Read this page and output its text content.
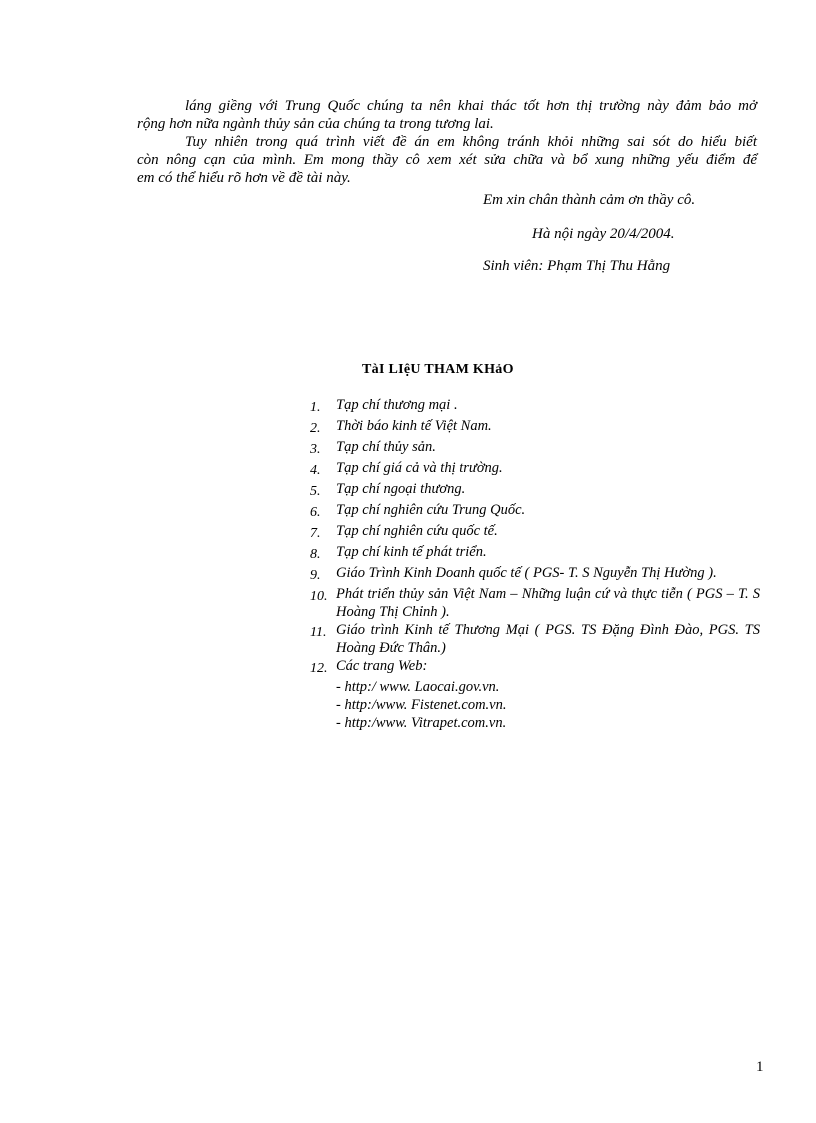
láng giềng với Trung Quốc chúng ta nên khai thác tốt hơn thị trường này đảm bảo mở
rộng hơn nữa ngành thủy sản của chúng ta trong tương lai.
Tuy nhiên trong quá trình viết đề án em không tránh khỏi những sai sót do hiểu biết
còn nông cạn của mình. Em mong thầy cô xem xét sửa chữa và bổ xung những yếu điểm để
em có thể hiểu rõ hơn về đề tài này.
Em xin chân thành cảm ơn thầy cô.
Hà nội ngày 20/4/2004.
Sinh viên: Phạm Thị Thu Hằng
TàI LIệU THAM KHảO
1.	Tạp chí thương mại .
2.	Thời báo kinh tế Việt Nam.
3.	Tạp chí thủy sản.
4.	Tạp chí giá cả và thị trường.
5.	Tạp chí ngoại thương.
6.	Tạp chí nghiên cứu Trung Quốc.
7.	Tạp chí nghiên cứu quốc tế.
8.	Tạp chí kinh tế phát triển.
9.	Giáo Trình Kinh Doanh quốc tế ( PGS- T. S Nguyễn Thị Hường ).
10. Phát triển thủy sản Việt Nam – Những luận cứ và thực tiễn ( PGS – T. S Hoàng Thị Chỉnh ).
11. Giáo trình Kinh tế Thương Mại ( PGS. TS Đặng Đình Đào, PGS. TS Hoàng Đức Thân.)
12. Các trang Web:
- http:/ www. Laocai.gov.vn.
- http:/www. Fistenet.com.vn.
- http:/www. Vitrapet.com.vn.
1
